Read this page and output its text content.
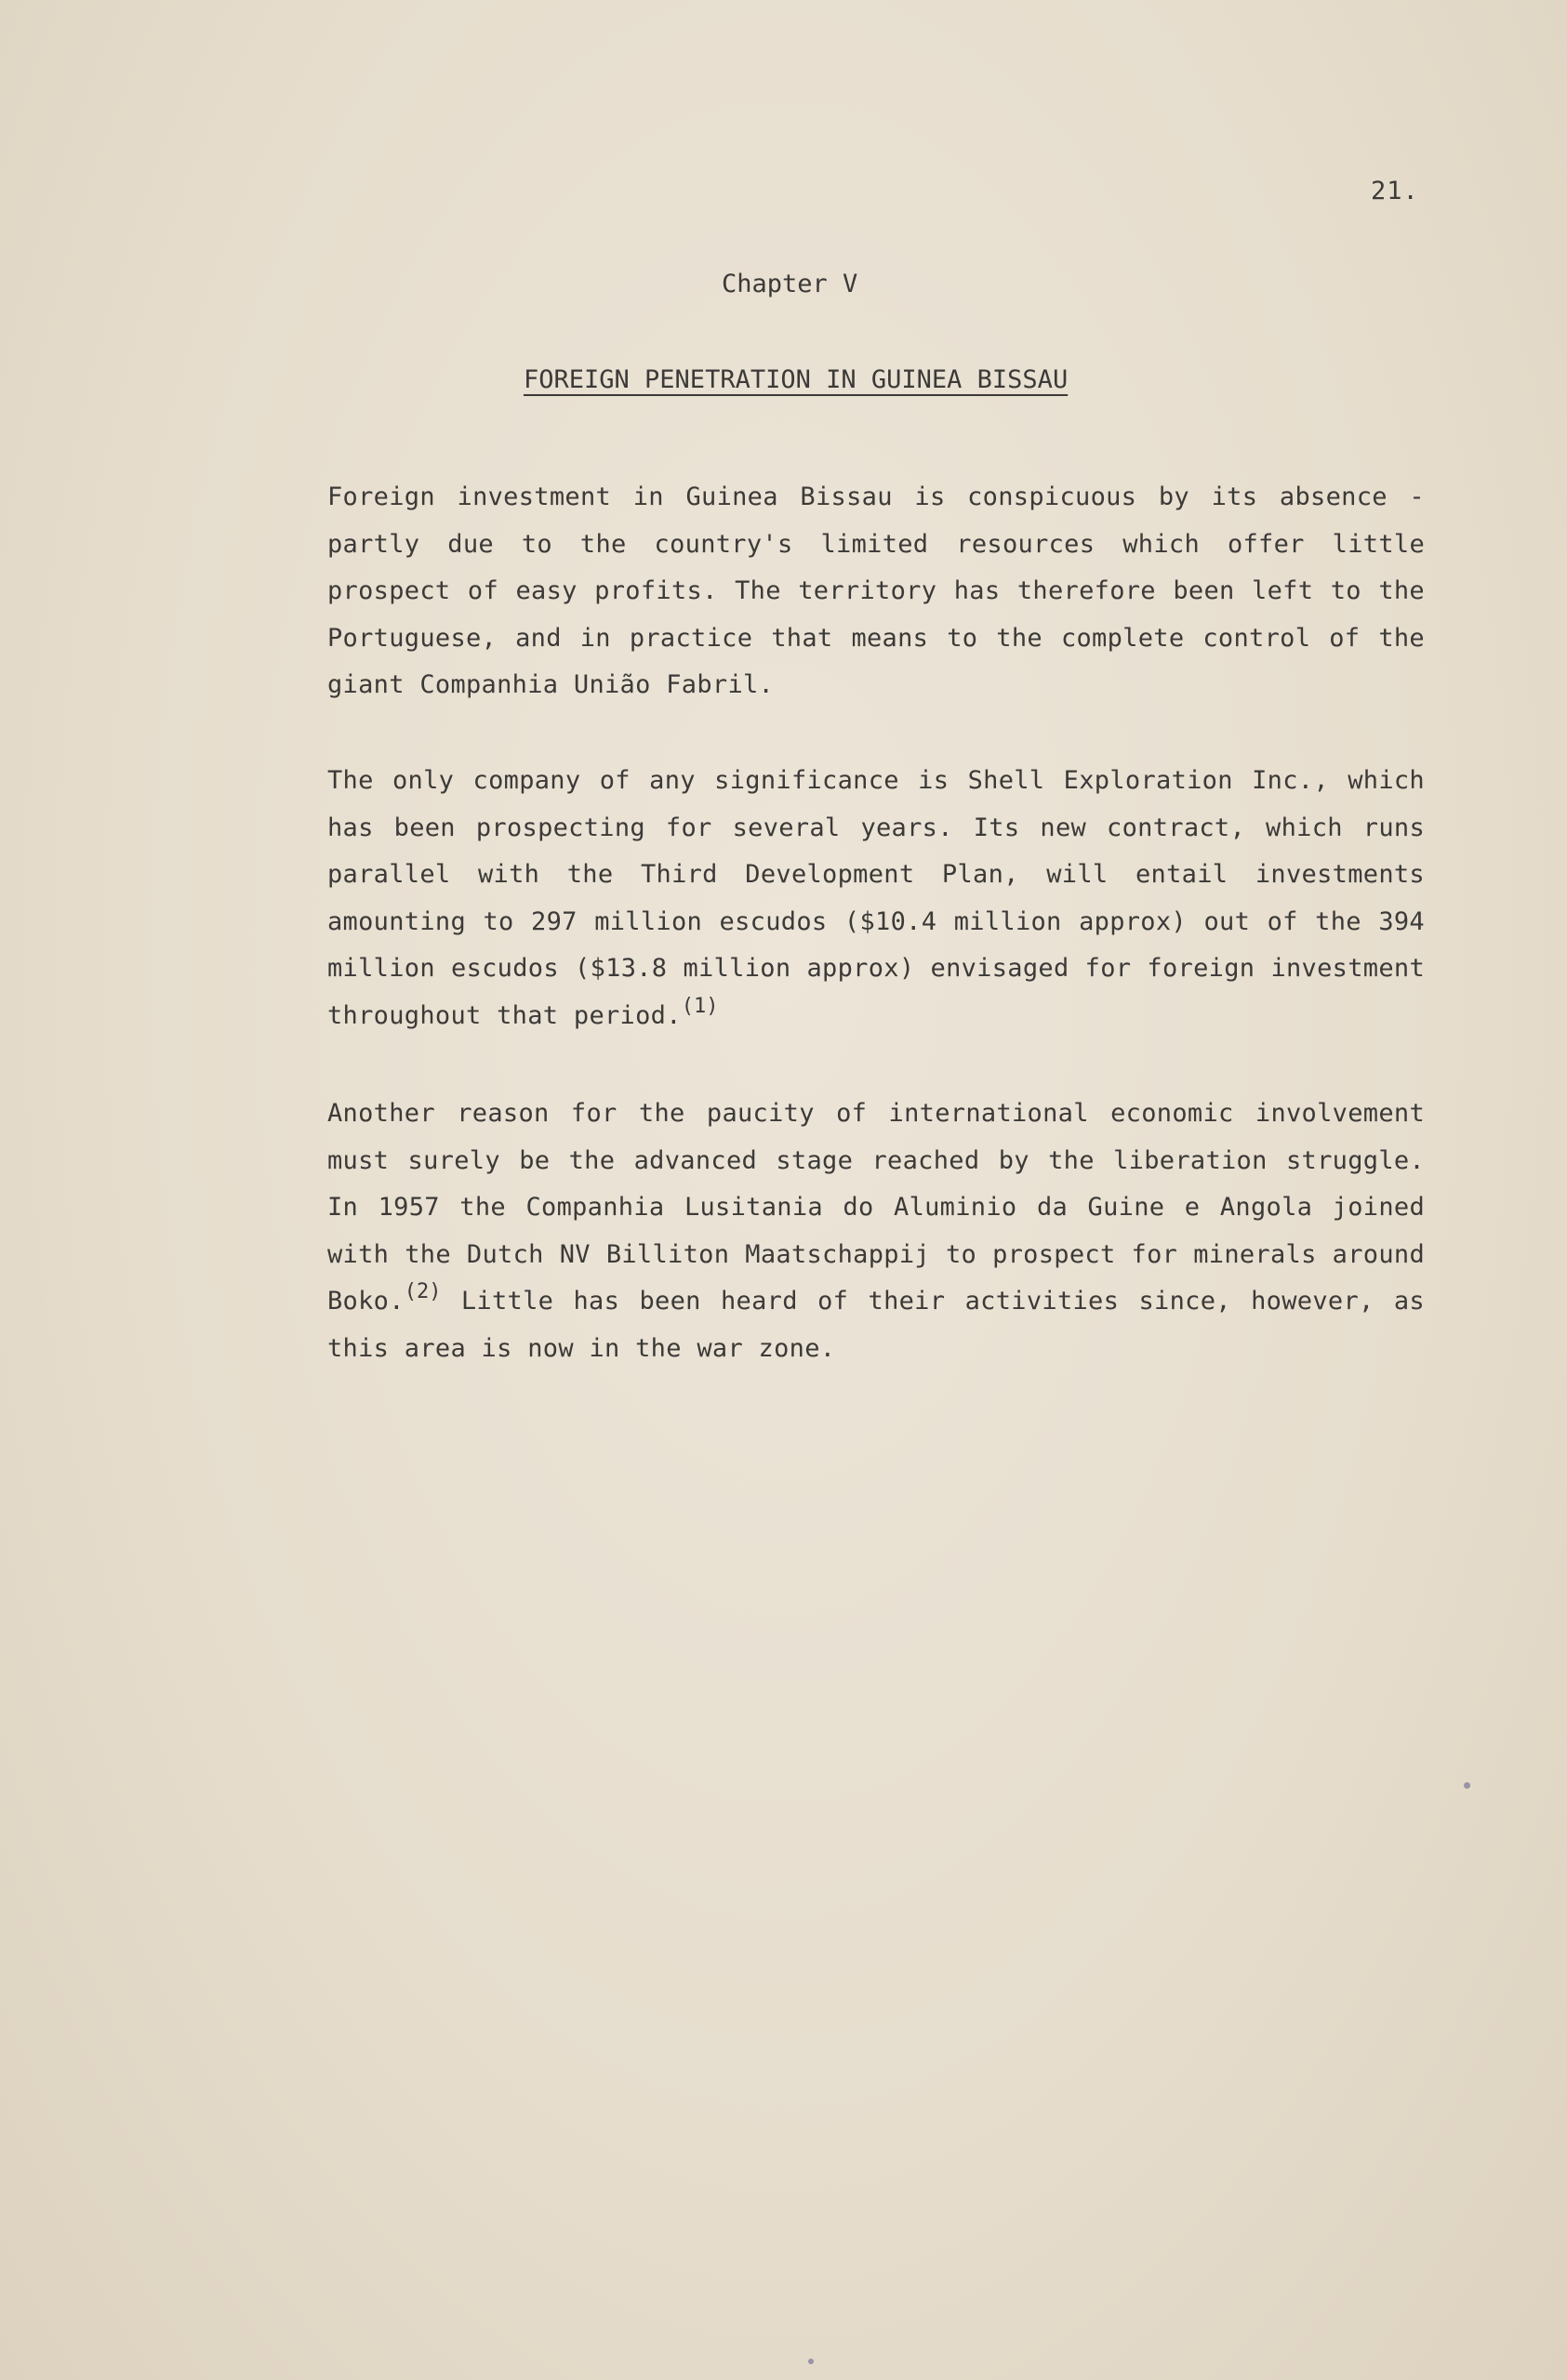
21.
Chapter V
FOREIGN PENETRATION IN GUINEA BISSAU

Foreign investment in Guinea Bissau is conspicuous by its absence - partly due to the country's limited resources which offer little prospect of easy profits. The territory has therefore been left to the Portuguese, and in practice that means to the complete control of the giant Companhia União Fabril.

The only company of any significance is Shell Exploration Inc., which has been prospecting for several years. Its new contract, which runs parallel with the Third Development Plan, will entail investments amounting to 297 million escudos ($10.4 million approx) out of the 394 million escudos ($13.8 million approx) envisaged for foreign investment throughout that period.$^{(1)}$

Another reason for the paucity of international economic involvement must surely be the advanced stage reached by the liberation struggle. In 1957 the Companhia Lusitania do Aluminio da Guine e Angola joined with the Dutch NV Billiton Maatschappij to prospect for minerals around Boko.$^{(2)}$ Little has been heard of their activities since, however, as this area is now in the war zone.
